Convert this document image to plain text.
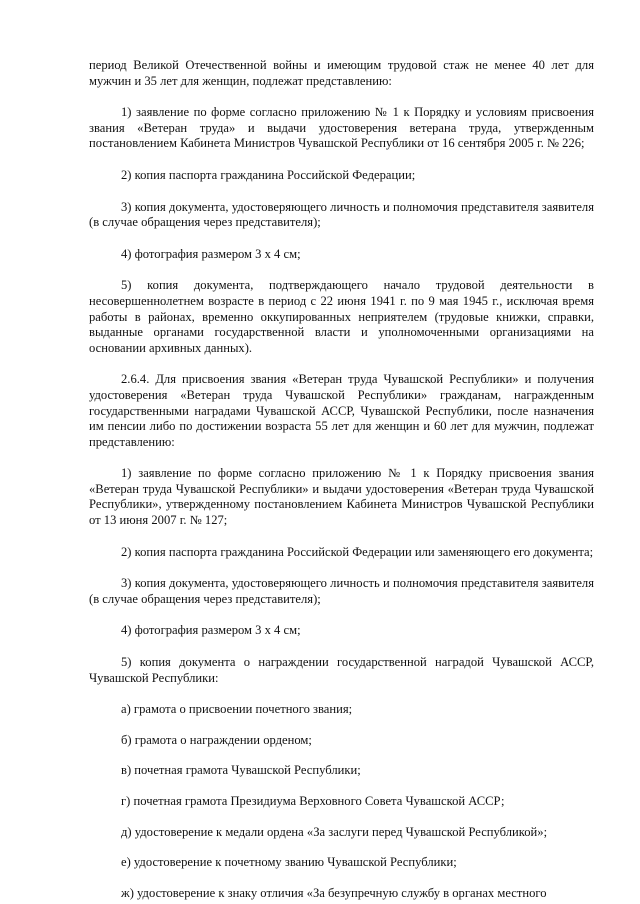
период Великой Отечественной войны и имеющим трудовой стаж не менее 40 лет для мужчин и 35 лет для женщин, подлежат представлению:

1) заявление по форме согласно приложению № 1 к Порядку и условиям присвоения звания «Ветеран труда» и выдачи удостоверения ветерана труда, утвержденным постановлением Кабинета Министров Чувашской Республики от 16 сентября 2005 г. № 226;

2) копия паспорта гражданина Российской Федерации;

3) копия документа, удостоверяющего личность и полномочия представителя заявителя (в случае обращения через представителя);

4) фотография размером 3 х 4 см;

5) копия документа, подтверждающего начало трудовой деятельности в несовершеннолетнем возрасте в период с 22 июня 1941 г. по 9 мая 1945 г., исключая время работы в районах, временно оккупированных неприятелем (трудовые книжки, справки, выданные органами государственной власти и уполномоченными организациями на основании архивных данных).

2.6.4. Для присвоения звания «Ветеран труда Чувашской Республики» и получения удостоверения «Ветеран труда Чувашской Республики» гражданам, награжденным государственными наградами Чувашской АССР, Чувашской Республики, после назначения им пенсии либо по достижении возраста 55 лет для женщин и 60 лет для мужчин, подлежат представлению:

1) заявление по форме согласно приложению № 1 к Порядку присвоения звания «Ветеран труда Чувашской Республики» и выдачи удостоверения «Ветеран труда Чувашской Республики», утвержденному постановлением Кабинета Министров Чувашской Республики от 13 июня 2007 г. № 127;

2) копия паспорта гражданина Российской Федерации или заменяющего его документа;

3) копия документа, удостоверяющего личность и полномочия представителя заявителя (в случае обращения через представителя);

4) фотография размером 3 х 4 см;

5) копия документа о награждении государственной наградой Чувашской АССР, Чувашской Республики:

а) грамота о присвоении почетного звания;

б) грамота о награждении орденом;

в) почетная грамота Чувашской Республики;

г) почетная грамота Президиума Верховного Совета Чувашской АССР;

д) удостоверение к медали ордена «За заслуги перед Чувашской Республикой»;

е) удостоверение к почетному званию Чувашской Республики;

ж) удостоверение к знаку отличия «За безупречную службу в органах местного
